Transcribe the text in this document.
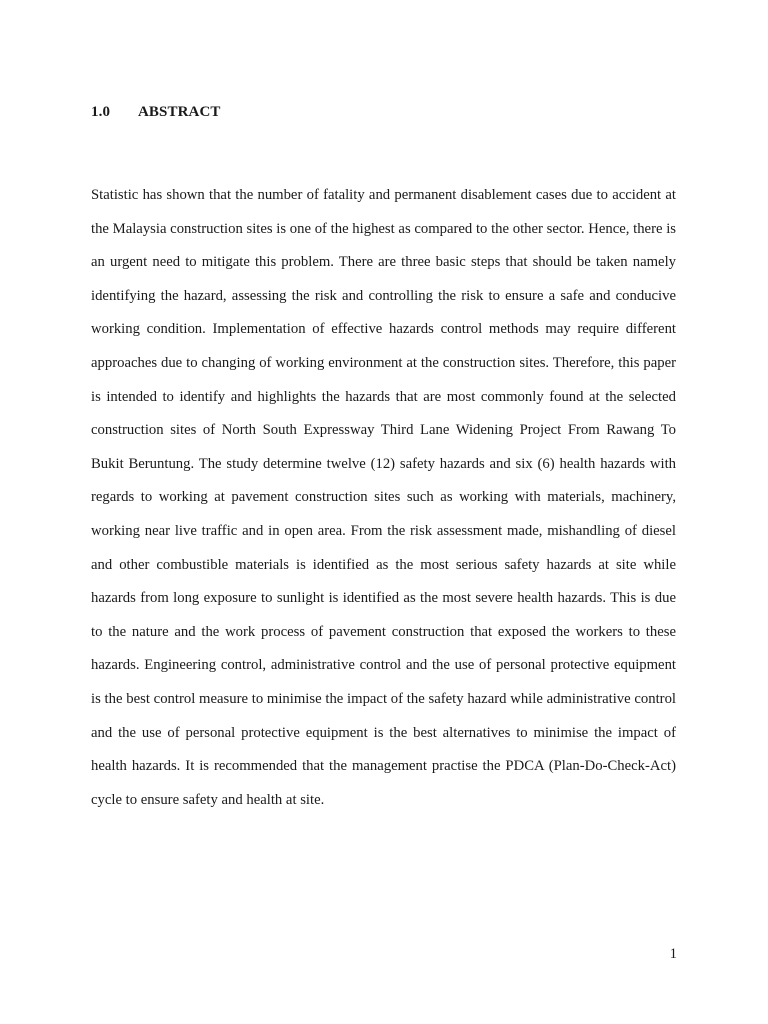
1.0 ABSTRACT

Statistic has shown that the number of fatality and permanent disablement cases due to accident at the Malaysia construction sites is one of the highest as compared to the other sector. Hence, there is an urgent need to mitigate this problem. There are three basic steps that should be taken namely identifying the hazard, assessing the risk and controlling the risk to ensure a safe and conducive working condition. Implementation of effective hazards control methods may require different approaches due to changing of working environment at the construction sites. Therefore, this paper is intended to identify and highlights the hazards that are most commonly found at the selected construction sites of North South Expressway Third Lane Widening Project From Rawang To Bukit Beruntung. The study determine twelve (12) safety hazards and six (6) health hazards with regards to working at pavement construction sites such as working with materials, machinery, working near live traffic and in open area. From the risk assessment made, mishandling of diesel and other combustible materials is identified as the most serious safety hazards at site while hazards from long exposure to sunlight is identified as the most severe health hazards. This is due to the nature and the work process of pavement construction that exposed the workers to these hazards. Engineering control, administrative control and the use of personal protective equipment is the best control measure to minimise the impact of the safety hazard while administrative control and the use of personal protective equipment is the best alternatives to minimise the impact of health hazards. It is recommended that the management practise the PDCA (Plan-Do-Check-Act) cycle to ensure safety and health at site.

1
